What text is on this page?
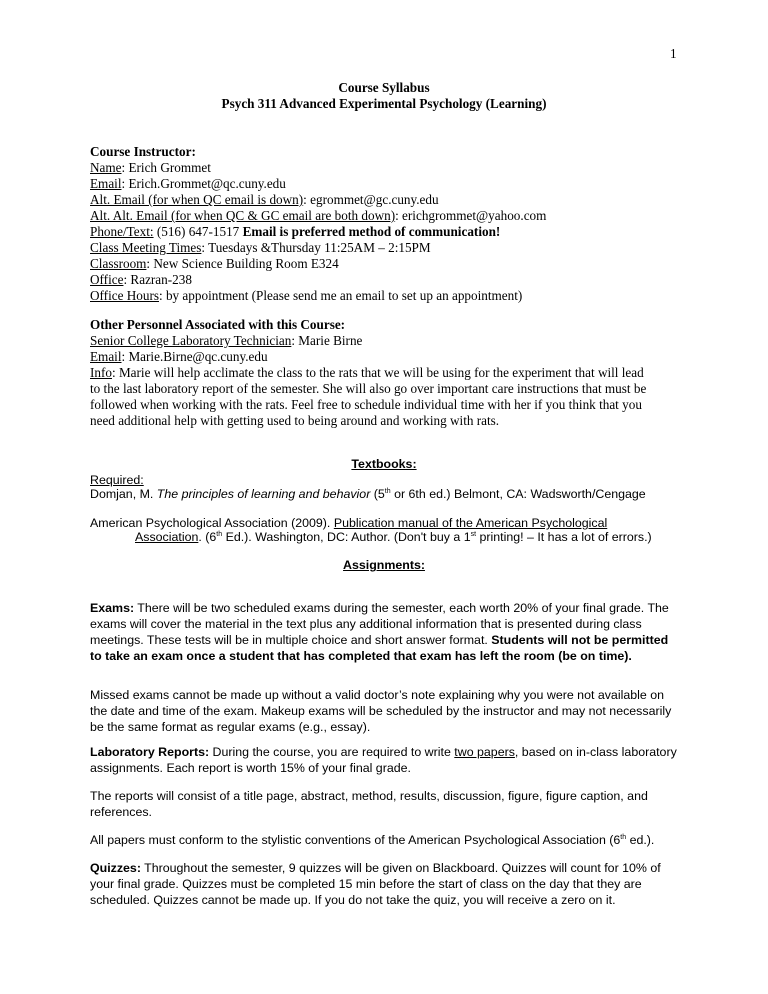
1
Course Syllabus
Psych 311 Advanced Experimental Psychology (Learning)
Course Instructor:
Name: Erich Grommet
Email: Erich.Grommet@qc.cuny.edu
Alt. Email (for when QC email is down): egrommet@gc.cuny.edu
Alt. Alt. Email (for when QC & GC email are both down): erichgrommet@yahoo.com
Phone/Text: (516) 647-1517 Email is preferred method of communication!
Class Meeting Times: Tuesdays &Thursday 11:25AM – 2:15PM
Classroom: New Science Building Room E324
Office: Razran-238
Office Hours: by appointment (Please send me an email to set up an appointment)
Other Personnel Associated with this Course:
Senior College Laboratory Technician: Marie Birne
Email: Marie.Birne@qc.cuny.edu
Info: Marie will help acclimate the class to the rats that we will be using for the experiment that will lead
to the last laboratory report of the semester. She will also go over important care instructions that must be
followed when working with the rats. Feel free to schedule individual time with her if you think that you
need additional help with getting used to being around and working with rats.
Textbooks:
Required:
Domjan, M. The principles of learning and behavior (5th or 6th ed.) Belmont, CA: Wadsworth/Cengage
American Psychological Association (2009). Publication manual of the American Psychological
Association. (6th Ed.). Washington, DC: Author. (Don't buy a 1st printing! – It has a lot of errors.)
Assignments:

Exams: There will be two scheduled exams during the semester, each worth 20% of your final grade. The exams will cover the material in the text plus any additional information that is presented during class meetings. These tests will be in multiple choice and short answer format. Students will not be permitted to take an exam once a student that has completed that exam has left the room (be on time).

Missed exams cannot be made up without a valid doctor’s note explaining why you were not available on the date and time of the exam. Makeup exams will be scheduled by the instructor and may not necessarily be the same format as regular exams (e.g., essay).

Laboratory Reports: During the course, you are required to write two papers, based on in-class laboratory assignments. Each report is worth 15% of your final grade.

The reports will consist of a title page, abstract, method, results, discussion, figure, figure caption, and references.

All papers must conform to the stylistic conventions of the American Psychological Association (6th ed.).

Quizzes: Throughout the semester, 9 quizzes will be given on Blackboard. Quizzes will count for 10% of your final grade. Quizzes must be completed 15 min before the start of class on the day that they are scheduled. Quizzes cannot be made up. If you do not take the quiz, you will receive a zero on it.
